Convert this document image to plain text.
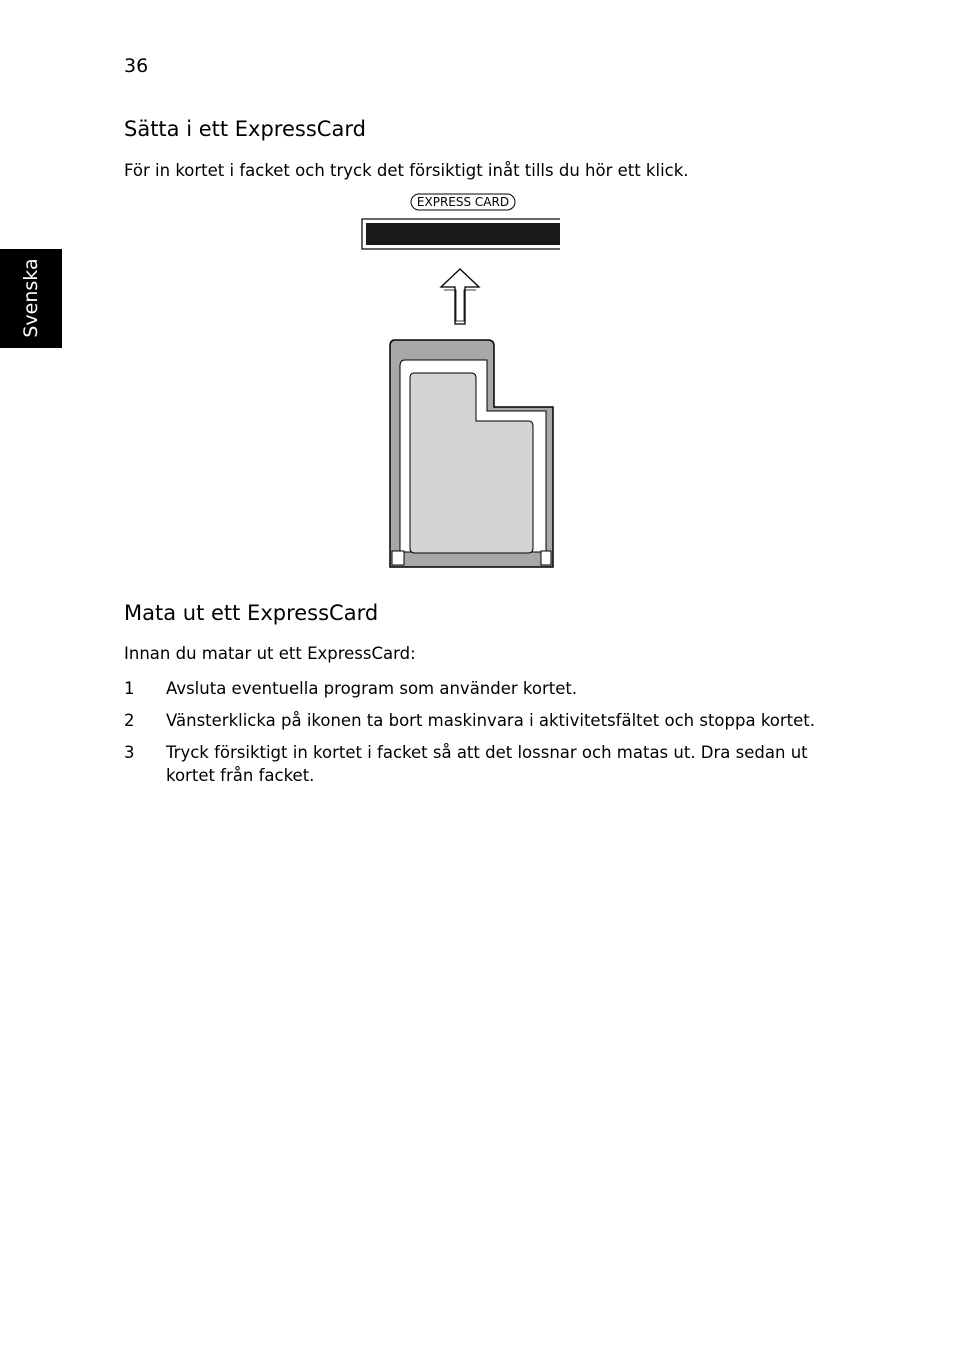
36
Svenska
Sätta i ett ExpressCard

För in kortet i facket och tryck det försiktigt inåt tills du hör ett klick.

EXPRESS CARD
Mata ut ett ExpressCard

Innan du matar ut ett ExpressCard:

1 Avsluta eventuella program som använder kortet.
2 Vänsterklicka på ikonen ta bort maskinvara i aktivitetsfältet och stoppa kortet.
3 Tryck försiktigt in kortet i facket så att det lossnar och matas ut. Dra sedan ut kortet från facket.
